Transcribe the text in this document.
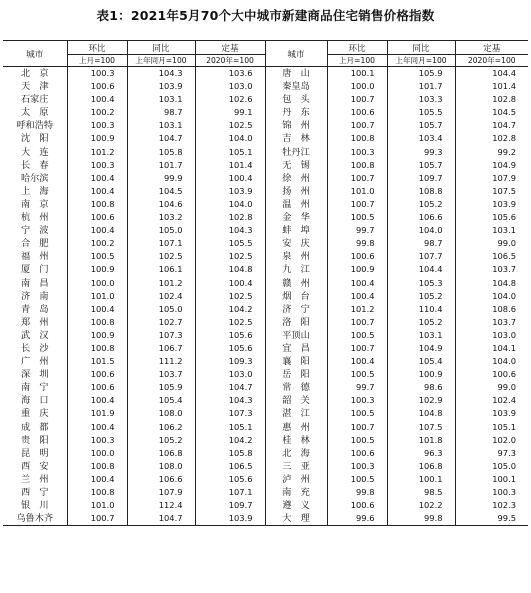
表1：2021年5月70个大中城市新建商品住宅销售价格指数
城市	环比	同比	定基	城市	环比	同比	定基
	上月=100	上年同月=100	2020年=100		上月=100	上年同月=100	2020年=100
北　京	100.3	104.3	103.6	唐　山	100.1	105.9	104.4
天　津	100.6	103.9	103.0	秦皇岛	100.0	101.7	101.4
石家庄	100.4	103.1	102.6	包　头	100.7	103.3	102.8
太　原	100.2	98.7	99.1	丹　东	100.6	105.5	104.5
呼和浩特	100.3	103.1	102.5	锦　州	100.7	105.7	104.7
沈　阳	100.9	104.7	104.0	吉　林	100.8	103.4	102.8
大　连	101.2	105.8	105.1	牡丹江	100.3	99.3	99.2
长　春	100.3	101.7	101.4	无　锡	100.8	105.7	104.9
哈尔滨	100.4	99.9	100.4	徐　州	100.7	109.7	107.9
上　海	100.4	104.5	103.9	扬　州	101.0	108.8	107.5
南　京	100.8	104.6	104.0	温　州	100.7	105.2	103.9
杭　州	100.6	103.2	102.8	金　华	100.5	106.6	105.6
宁　波	100.4	105.0	104.3	蚌　埠	99.7	104.0	103.1
合　肥	100.2	107.1	105.5	安　庆	99.8	98.7	99.0
福　州	100.5	102.5	102.5	泉　州	100.6	107.7	106.5
厦　门	100.9	106.1	104.8	九　江	100.9	104.4	103.7
南　昌	100.0	101.2	100.4	赣　州	100.4	105.3	104.8
济　南	101.0	102.4	102.5	烟　台	100.4	105.2	104.0
青　岛	100.4	105.0	104.2	济　宁	101.2	110.4	108.6
郑　州	100.8	102.7	102.5	洛　阳	100.7	105.2	103.7
武　汉	100.9	107.3	105.6	平顶山	100.5	103.1	103.0
长　沙	100.8	106.7	105.6	宜　昌	100.7	104.9	104.1
广　州	101.5	111.2	109.3	襄　阳	100.4	105.4	104.0
深　圳	100.6	103.7	103.0	岳　阳	100.5	100.9	100.6
南　宁	100.6	105.9	104.7	常　德	99.7	98.6	99.0
海　口	100.4	105.4	104.3	韶　关	100.3	102.9	102.4
重　庆	101.9	108.0	107.3	湛　江	100.5	104.8	103.9
成　都	100.4	106.2	105.1	惠　州	100.7	107.5	105.1
贵　阳	100.3	105.2	104.2	桂　林	100.5	101.8	102.0
昆　明	100.0	106.8	105.8	北　海	100.6	96.3	97.3
西　安	100.8	108.0	106.5	三　亚	100.3	106.8	105.0
兰　州	100.4	106.6	105.6	泸　州	100.5	100.1	100.1
西　宁	100.8	107.9	107.1	南　充	99.8	98.5	100.3
银　川	101.0	112.4	109.7	遵　义	100.6	102.2	102.3
乌鲁木齐	100.7	104.7	103.9	大　理	99.6	99.8	99.5
